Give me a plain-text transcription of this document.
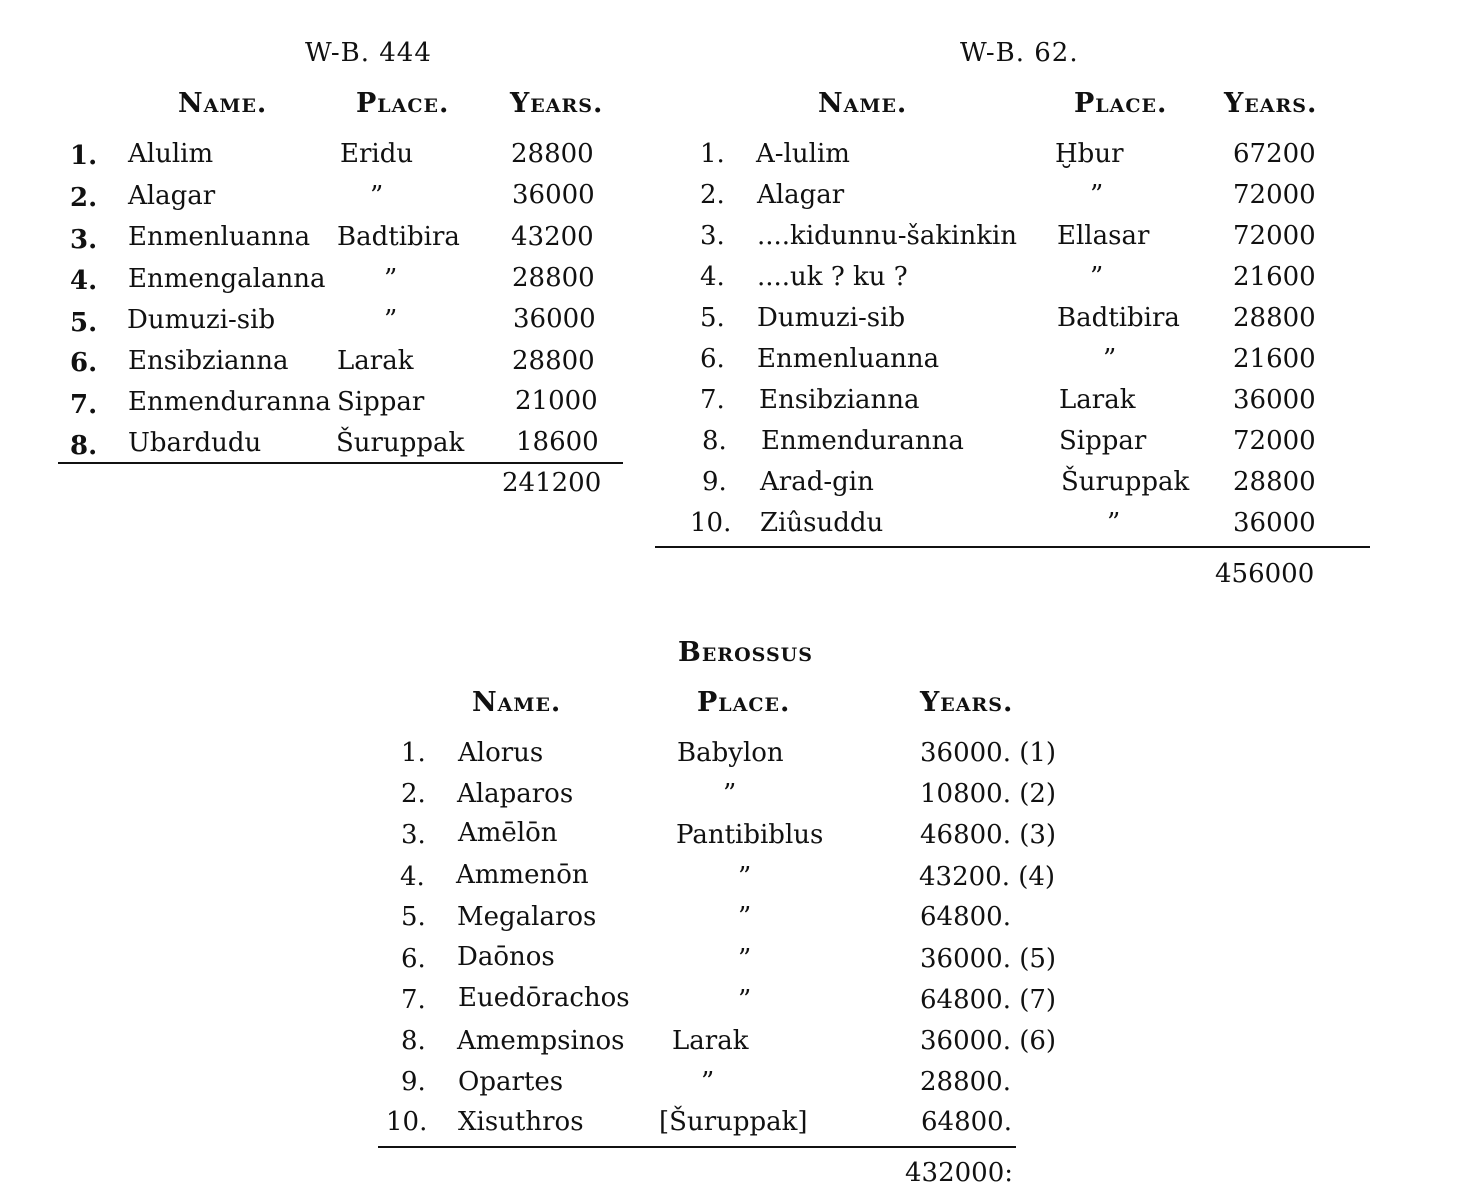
W-B. 444
Name.	Place. Years.
1. Alulim	Eridu	28800
2. Alagar	”	36000
3. Enmenluanna Badtibira 43200
4. Enmengalanna ”	28800
5. Dumuzi-sib	”	36000
6. Ensibzianna Larak	28800
7. Enmenduranna Sippar	21000
8. Ubardudu	Šuruppak 18600
241200
W-B. 62.
Name.	Place. Years.
1. A-lulim	Ḫbur	67200
2. Alagar	”	72000
3. ....kidunnu-šakinkin Ellasar	72000
4. ....uk ? ku ?	”	21600
5. Dumuzi-sib	Badtibira 28800
6. Enmenluanna	”	21600
7. Ensibzianna	Larak	36000
8. Enmenduranna	Sippar	72000
9. Arad-gin	Šuruppak 28800
10. Ziûsuddu	”	36000
456000
Berossus
Name.	Place.	Years.
1. Alorus	Babylon	36000. (1)
2. Alaparos	”	10800. (2)
3. Amēlōn	Pantibiblus	46800. (3)
4. Ammenōn	”	43200. (4)
5. Megalaros	”	64800.
6. Daōnos	”	36000. (5)
7. Euedōrachos	”	64800. (7)
8. Amempsinos Larak	36000. (6)
9. Opartes	”	28800.
10. Xisuthros	[Šuruppak]	64800.
432000:
